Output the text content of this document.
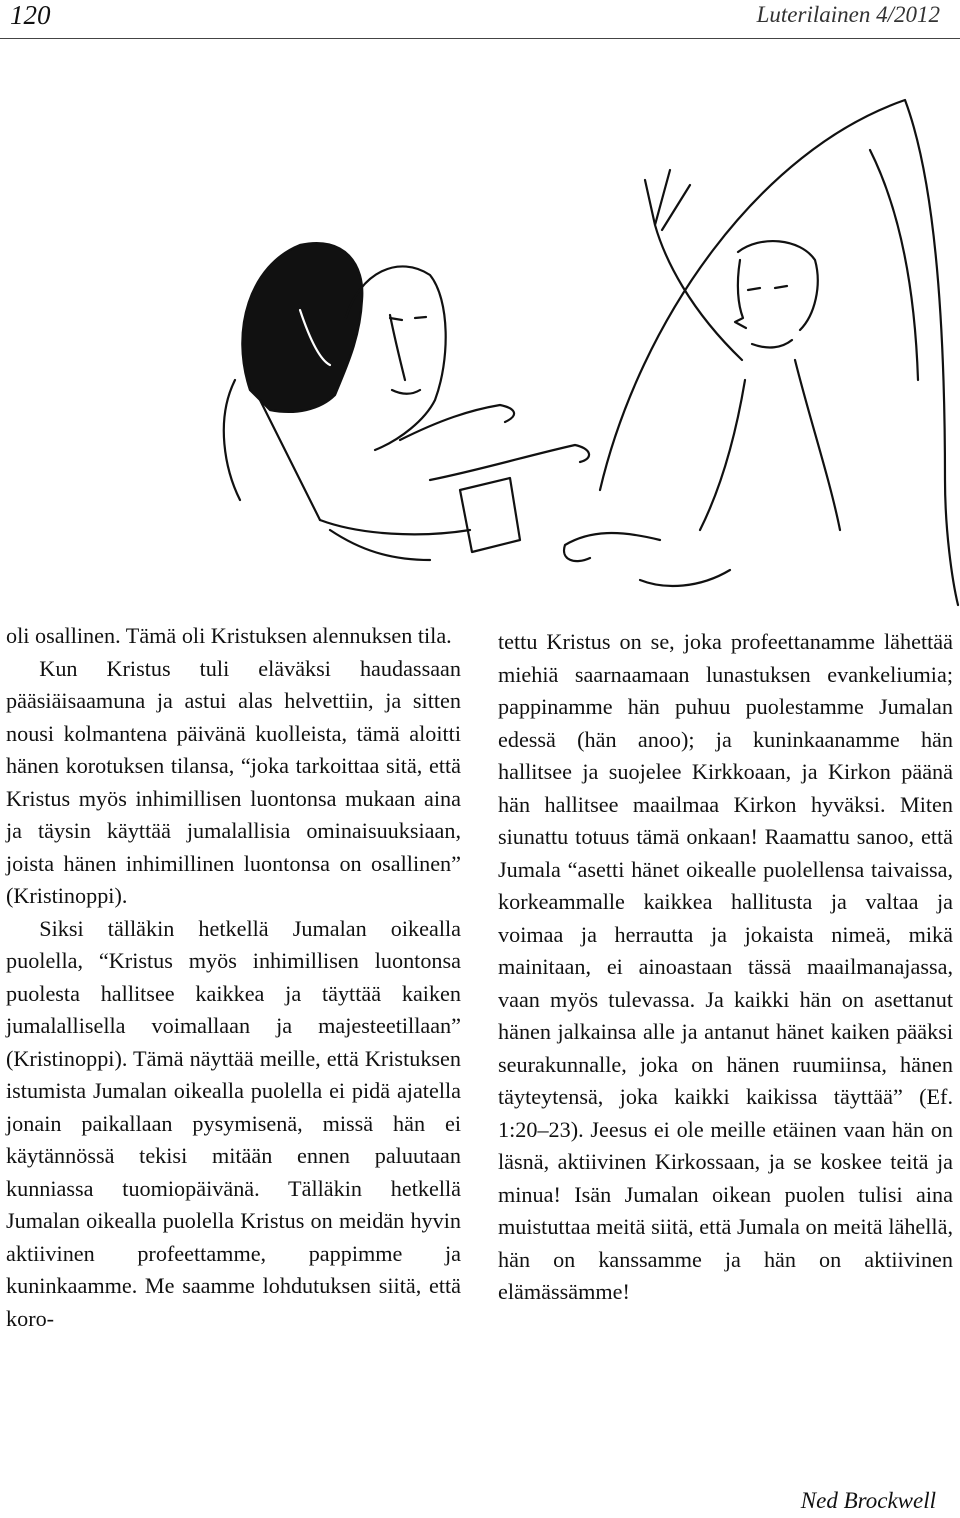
120	Luterilainen 4/2012

oli osallinen. Tämä oli Kristuksen alennuksen tila.

Kun Kristus tuli eläväksi haudassaan pääsiäisaamuna ja astui alas helvettiin, ja sitten nousi kolmantena päivänä kuolleista, tämä aloitti hänen korotuksen tilansa, “joka tarkoittaa sitä, että Kristus myös inhimillisen luontonsa mukaan aina ja täysin käyttää jumalallisia ominaisuuksiaan, joista hänen inhimillinen luontonsa on osallinen” (Kristinoppi).

Siksi tälläkin hetkellä Jumalan oikealla puolella, “Kristus myös inhimillisen luontonsa puolesta hallitsee kaikkea ja täyttää kaiken jumalallisella voimallaan ja majesteetillaan” (Kristinoppi). Tämä näyttää meille, että Kristuksen istumista Jumalan oikealla puolella ei pidä ajatella jonain paikallaan pysymisenä, missä hän ei käytännössä tekisi mitään ennen paluutaan kunniassa tuomiopäivänä. Tälläkin hetkellä Jumalan oikealla puolella Kristus on meidän hyvin aktiivinen profeettamme, pappimme ja kuninkaamme. Me saamme lohdutuksen siitä, että koro-

tettu Kristus on se, joka profeettanamme lähettää miehiä saarnaamaan lunastuksen evankeliumia; pappinamme hän puhuu puolestamme Jumalan edessä (hän anoo); ja kuninkaanamme hän hallitsee ja suojelee Kirkkoaan, ja Kirkon päänä hän hallitsee maailmaa Kirkon hyväksi. Miten siunattu totuus tämä onkaan! Raamattu sanoo, että Jumala “asetti hänet oikealle puolellensa taivaissa, korkeammalle kaikkea hallitusta ja valtaa ja voimaa ja herrautta ja jokaista nimeä, mikä mainitaan, ei ainoastaan tässä maailmanajassa, vaan myös tulevassa. Ja kaikki hän on asettanut hänen jalkainsa alle ja antanut hänet kaiken pääksi seurakunnalle, joka on hänen ruumiinsa, hänen täyteytensä, joka kaikki kaikissa täyttää” (Ef. 1:20–23). Jeesus ei ole meille etäinen vaan hän on läsnä, aktiivinen Kirkossaan, ja se koskee teitä ja minua! Isän Jumalan oikean puolen tulisi aina muistuttaa meitä siitä, että Jumala on meitä lähellä, hän on kanssamme ja hän on aktiivinen elämässämme!

Ned Brockwell
